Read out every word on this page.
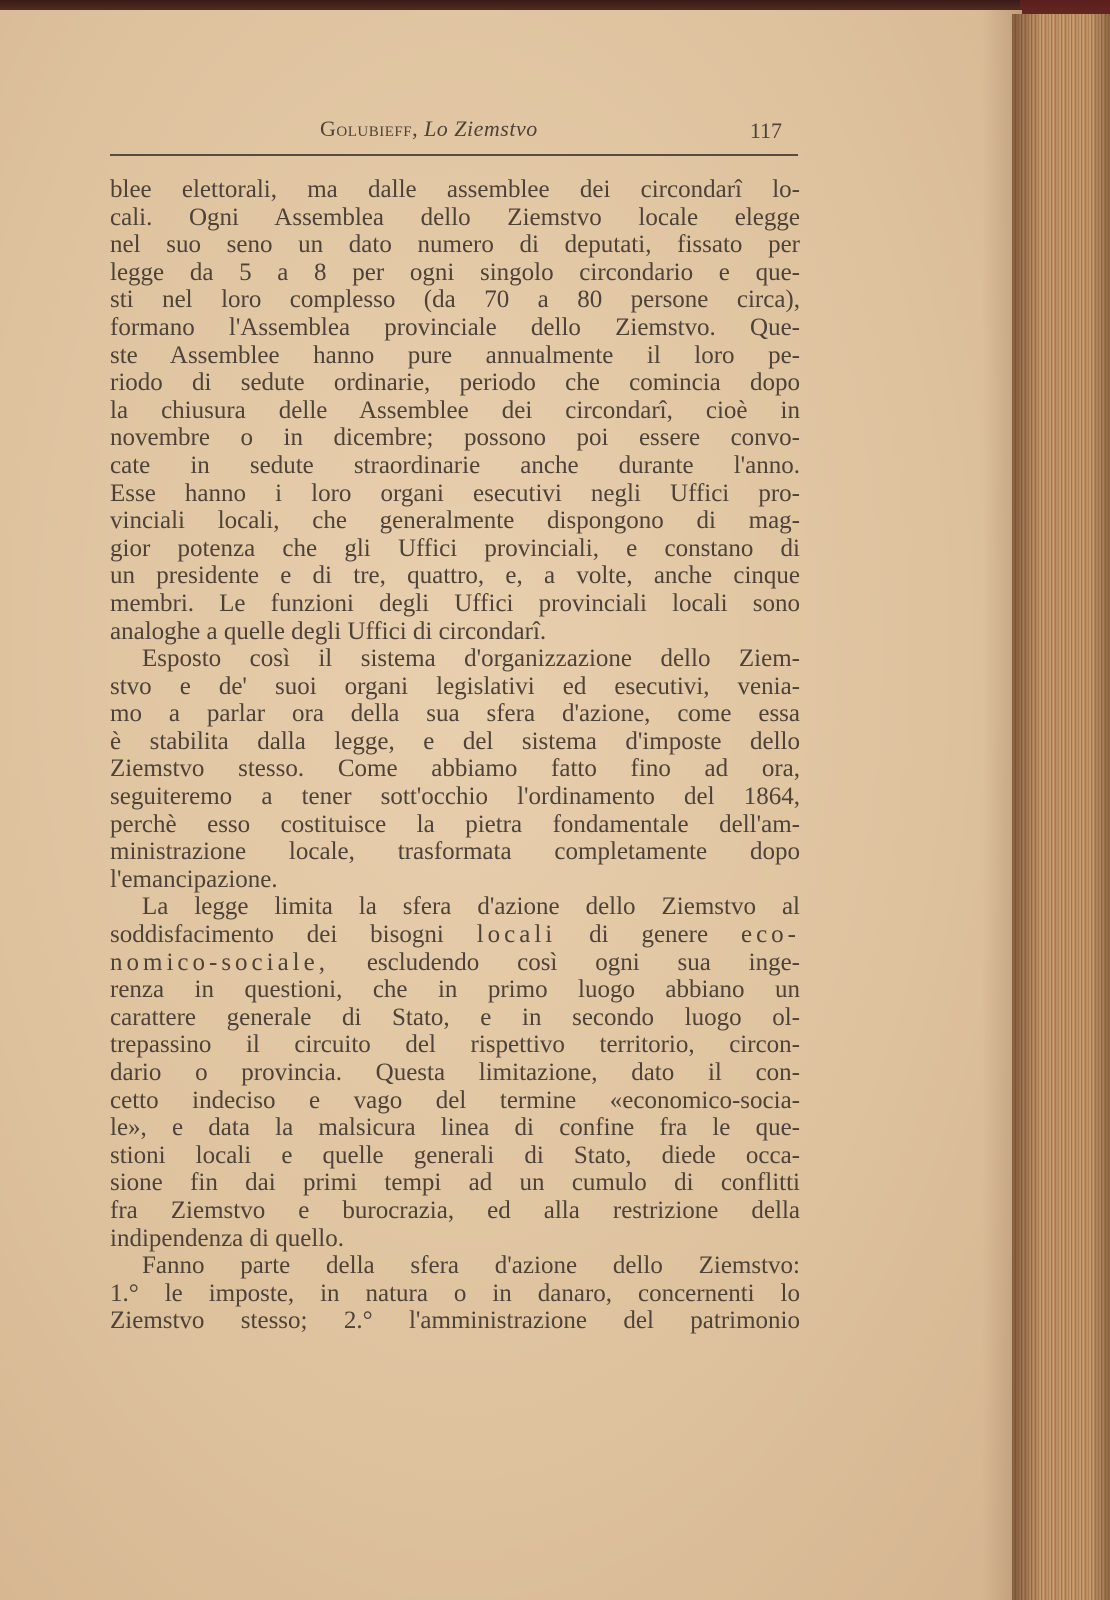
Golubieff, Lo Ziemstvo	117
blee elettorali, ma dalle assemblee dei circondarî lo-
cali. Ogni Assemblea dello Ziemstvo locale elegge
nel suo seno un dato numero di deputati, fissato per
legge da 5 a 8 per ogni singolo circondario e que-
sti nel loro complesso (da 70 a 80 persone circa),
formano l'Assemblea provinciale dello Ziemstvo. Que-
ste Assemblee hanno pure annualmente il loro pe-
riodo di sedute ordinarie, periodo che comincia dopo
la chiusura delle Assemblee dei circondarî, cioè in
novembre o in dicembre; possono poi essere convo-
cate in sedute straordinarie anche durante l'anno.
Esse hanno i loro organi esecutivi negli Uffici pro-
vinciali locali, che generalmente dispongono di mag-
gior potenza che gli Uffici provinciali, e constano di
un presidente e di tre, quattro, e, a volte, anche cinque
membri. Le funzioni degli Uffici provinciali locali sono
analoghe a quelle degli Uffici di circondarî.
Esposto così il sistema d'organizzazione dello Ziem-
stvo e de' suoi organi legislativi ed esecutivi, venia-
mo a parlar ora della sua sfera d'azione, come essa
è stabilita dalla legge, e del sistema d'imposte dello
Ziemstvo stesso. Come abbiamo fatto fino ad ora,
seguiteremo a tener sott'occhio l'ordinamento del 1864,
perchè esso costituisce la pietra fondamentale dell'am-
ministrazione locale, trasformata completamente dopo
l'emancipazione.
La legge limita la sfera d'azione dello Ziemstvo al
soddisfacimento dei bisogni locali di genere eco-
nomico-sociale, escludendo così ogni sua inge-
renza in questioni, che in primo luogo abbiano un
carattere generale di Stato, e in secondo luogo ol-
trepassino il circuito del rispettivo territorio, circon-
dario o provincia. Questa limitazione, dato il con-
cetto indeciso e vago del termine «economico-socia-
le», e data la malsicura linea di confine fra le que-
stioni locali e quelle generali di Stato, diede occa-
sione fin dai primi tempi ad un cumulo di conflitti
fra Ziemstvo e burocrazia, ed alla restrizione della
indipendenza di quello.
Fanno parte della sfera d'azione dello Ziemstvo:
1.° le imposte, in natura o in danaro, concernenti lo
Ziemstvo stesso; 2.° l'amministrazione del patrimonio
